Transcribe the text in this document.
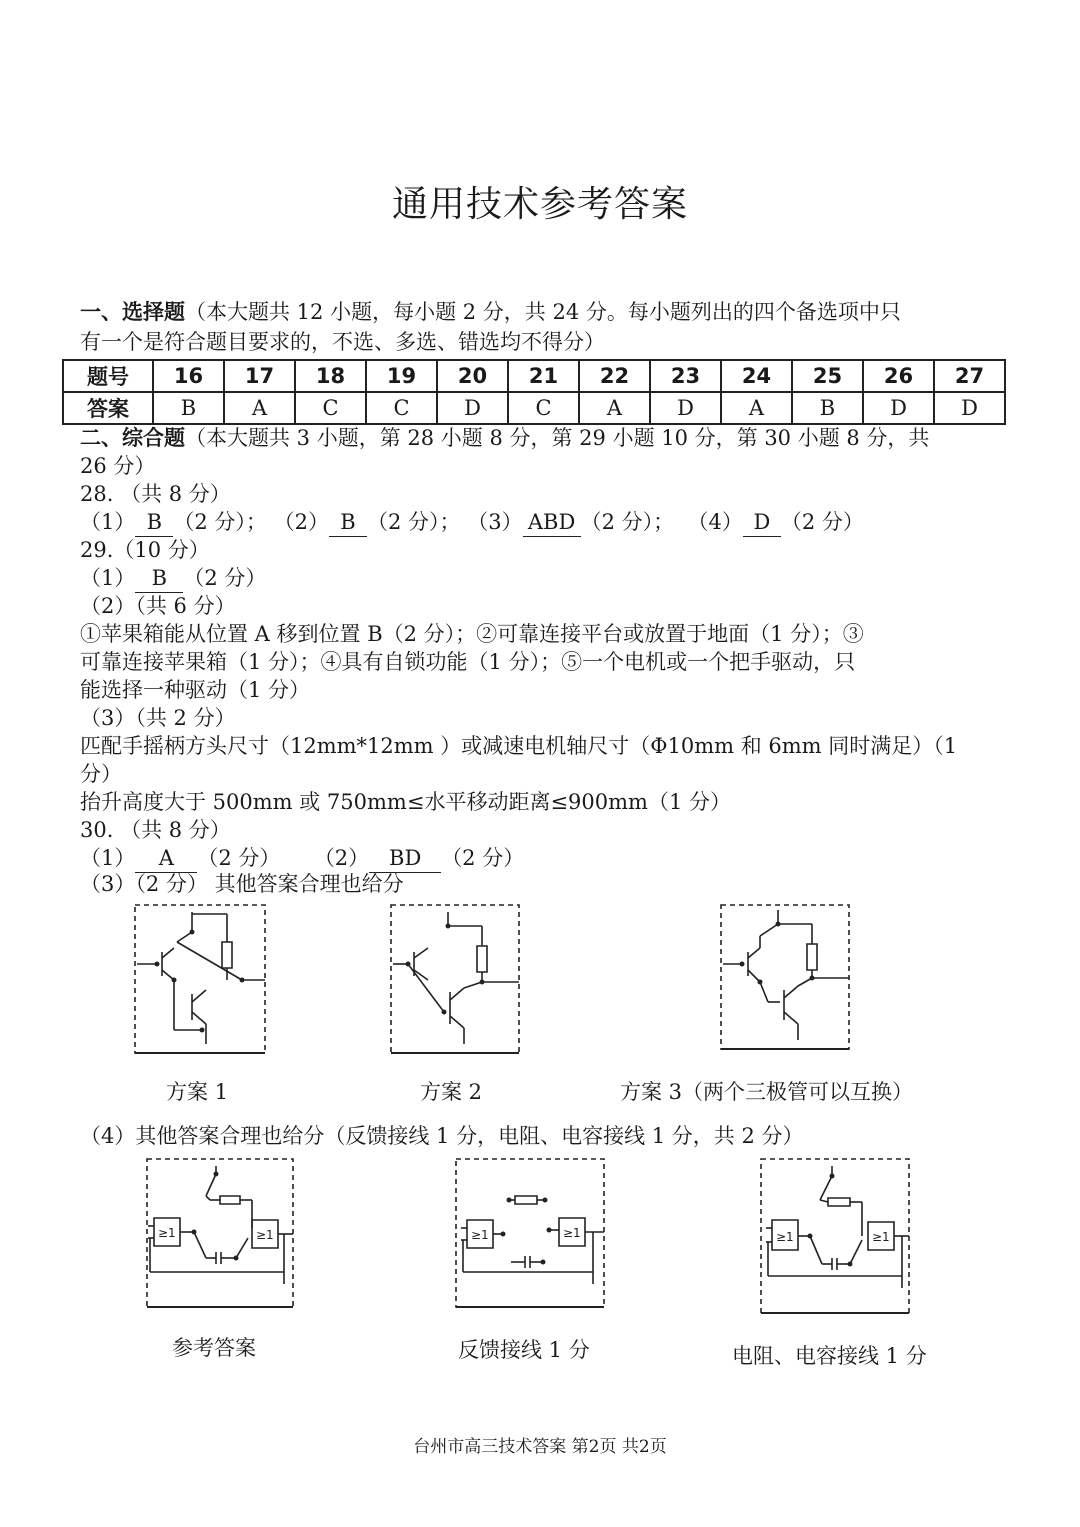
通用技术参考答案
一、选择题（本大题共 12 小题，每小题 2 分，共 24 分。每小题列出的四个备选项中只
有一个是符合题目要求的，不选、多选、错选均不得分）
题号	16	17	18	19	20	21	22	23	24	25	26	27
答案	B	A	C	C	D	C	A	D	A	B	D	D
二、综合题（本大题共 3 小题，第 28 小题 8 分，第 29 小题 10 分，第 30 小题 8 分，共
26 分）
28. （共 8 分）
（1） B （2 分）； （2） B （2 分）； （3） ABD （2 分）； （4） D （2 分）
29.（10 分）
（1） B （2 分）
（2）（共 6 分）
①苹果箱能从位置 A 移到位置 B（2 分）；②可靠连接平台或放置于地面（1 分）；③
可靠连接苹果箱（1 分）；④具有自锁功能（1 分）；⑤一个电机或一个把手驱动，只
能选择一种驱动（1 分）
（3）（共 2 分）
匹配手摇柄方头尺寸（12mm*12mm ）或减速电机轴尺寸（Φ10mm 和 6mm 同时满足）（1
分）
抬升高度大于 500mm 或 750mm≤水平移动距离≤900mm（1 分）
30. （共 8 分）
（1） A （2 分） （2） BD （2 分）
（3）（2 分） 其他答案合理也给分
方案 1	方案 2	方案 3（两个三极管可以互换）
（4）其他答案合理也给分（反馈接线 1 分，电阻、电容接线 1 分，共 2 分）
≥1	≥1	≥1	≥1	≥1	≥1
参考答案	反馈接线 1 分	电阻、电容接线 1 分
台州市高三技术答案 第2页 共2页
